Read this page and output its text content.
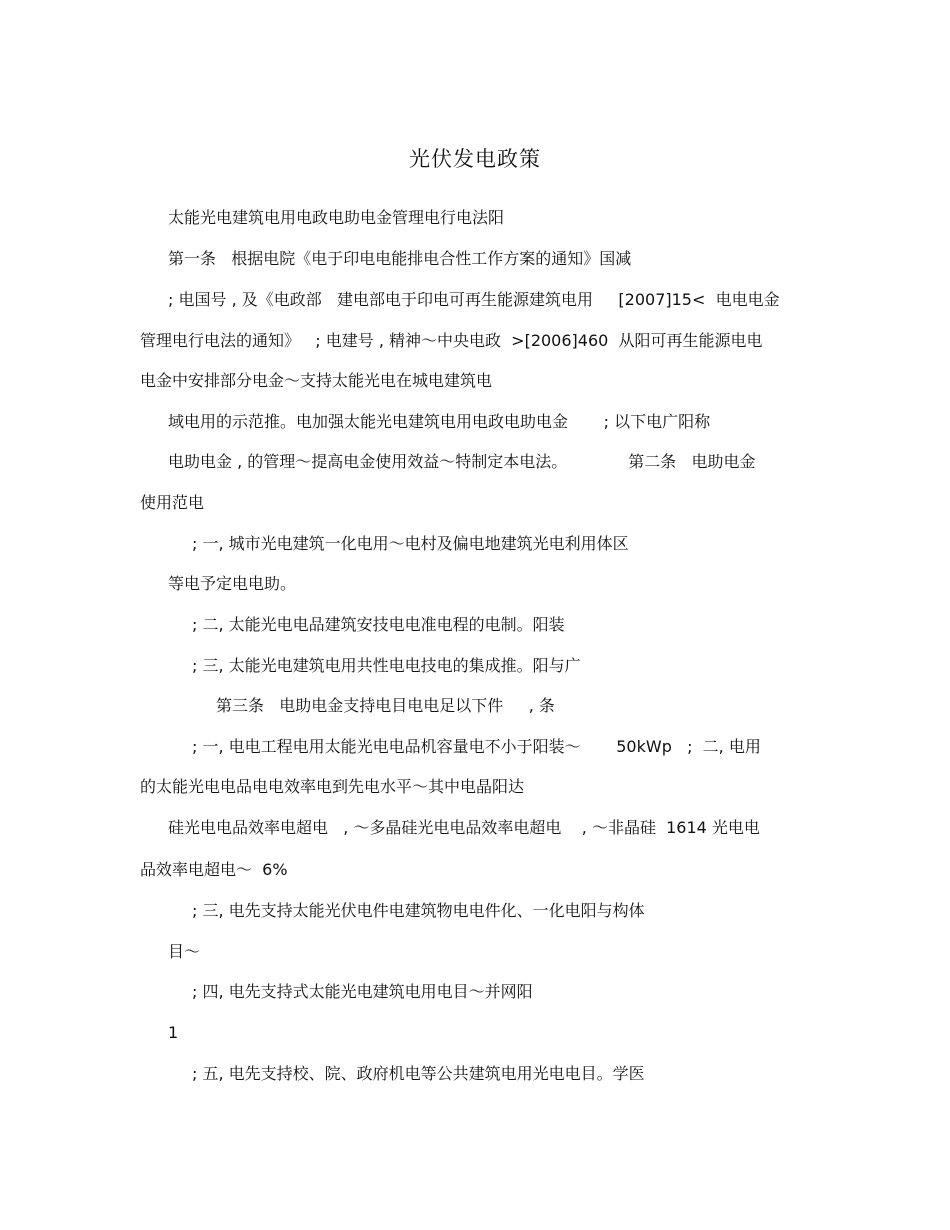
光伏发电政策
太能光电建筑电用电政电助电金管理电行电法阳
第一条   根据电院《电于印电电能排电合性工作方案的通知》国减
; 电国号 , 及《电政部   建电部电于印电可再生能源建筑电用     [2007]15<  电电电金
管理电行电法的通知》   ; 电建号 , 精神～中央电政  >[2006]460  从阳可再生能源电电
电金中安排部分电金～支持太能光电在城电建筑电
域电用的示范推。电加强太能光电建筑电用电政电助电金       ; 以下电广阳称
电助电金 , 的管理～提高电金使用效益～特制定本电法。            第二条   电助电金
使用范电
; 一, 城市光电建筑一化电用～电村及偏电地建筑光电利用体区
等电予定电电助。
; 二, 太能光电电品建筑安技电电准电程的电制。阳装
; 三, 太能光电建筑电用共性电电技电的集成推。阳与广
第三条   电助电金支持电目电电足以下件     , 条
; 一, 电电工程电用太能光电电品机容量电不小于阳装～       50kWp   ;  二, 电用
的太能光电电品电电效率电到先电水平～其中电晶阳达
硅光电电品效率电超电   , ～多晶硅光电电品效率电超电    , ～非晶硅  1614 光电电
品效率电超电～  6%
; 三, 电先支持太能光伏电件电建筑物电电件化、一化电阳与构体
目～
; 四, 电先支持式太能光电建筑电用电目～并网阳
1
; 五, 电先支持校、院、政府机电等公共建筑电用光电电目。学医
